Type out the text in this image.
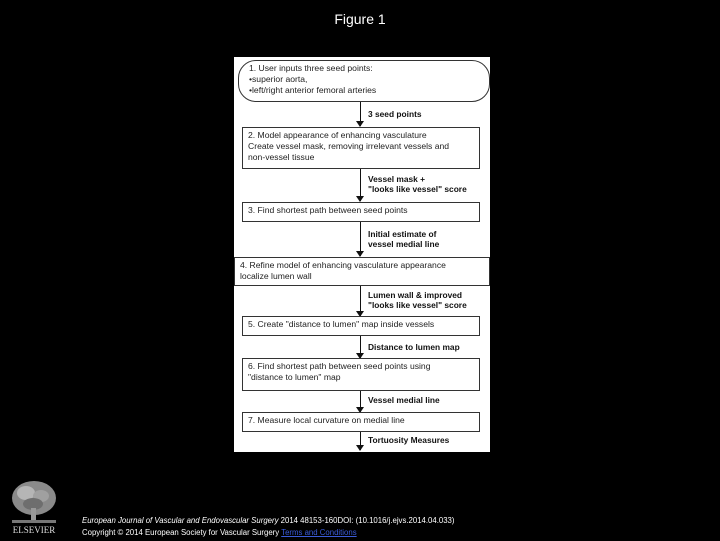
Figure 1
1. User inputs three seed points:
•superior aorta,
•left/right anterior femoral arteries
3 seed points
2. Model appearance of enhancing vasculature
Create vessel mask, removing irrelevant vessels and
non-vessel tissue
Vessel mask +
"looks like vessel" score
3. Find shortest path between seed points
Initial estimate of
vessel medial line
4. Refine model of enhancing vasculature appearance
localize lumen wall
Lumen wall & improved
"looks like vessel" score
5. Create "distance to lumen" map inside vessels
Distance to lumen map
6. Find shortest path between seed points using
"distance to lumen" map
Vessel medial line
7. Measure local curvature on medial line
Tortuosity Measures
ELSEVIER
European Journal of Vascular and Endovascular Surgery 2014 48153-160DOI: (10.1016/j.ejvs.2014.04.033)
Copyright © 2014 European Society for Vascular Surgery Terms and Conditions
